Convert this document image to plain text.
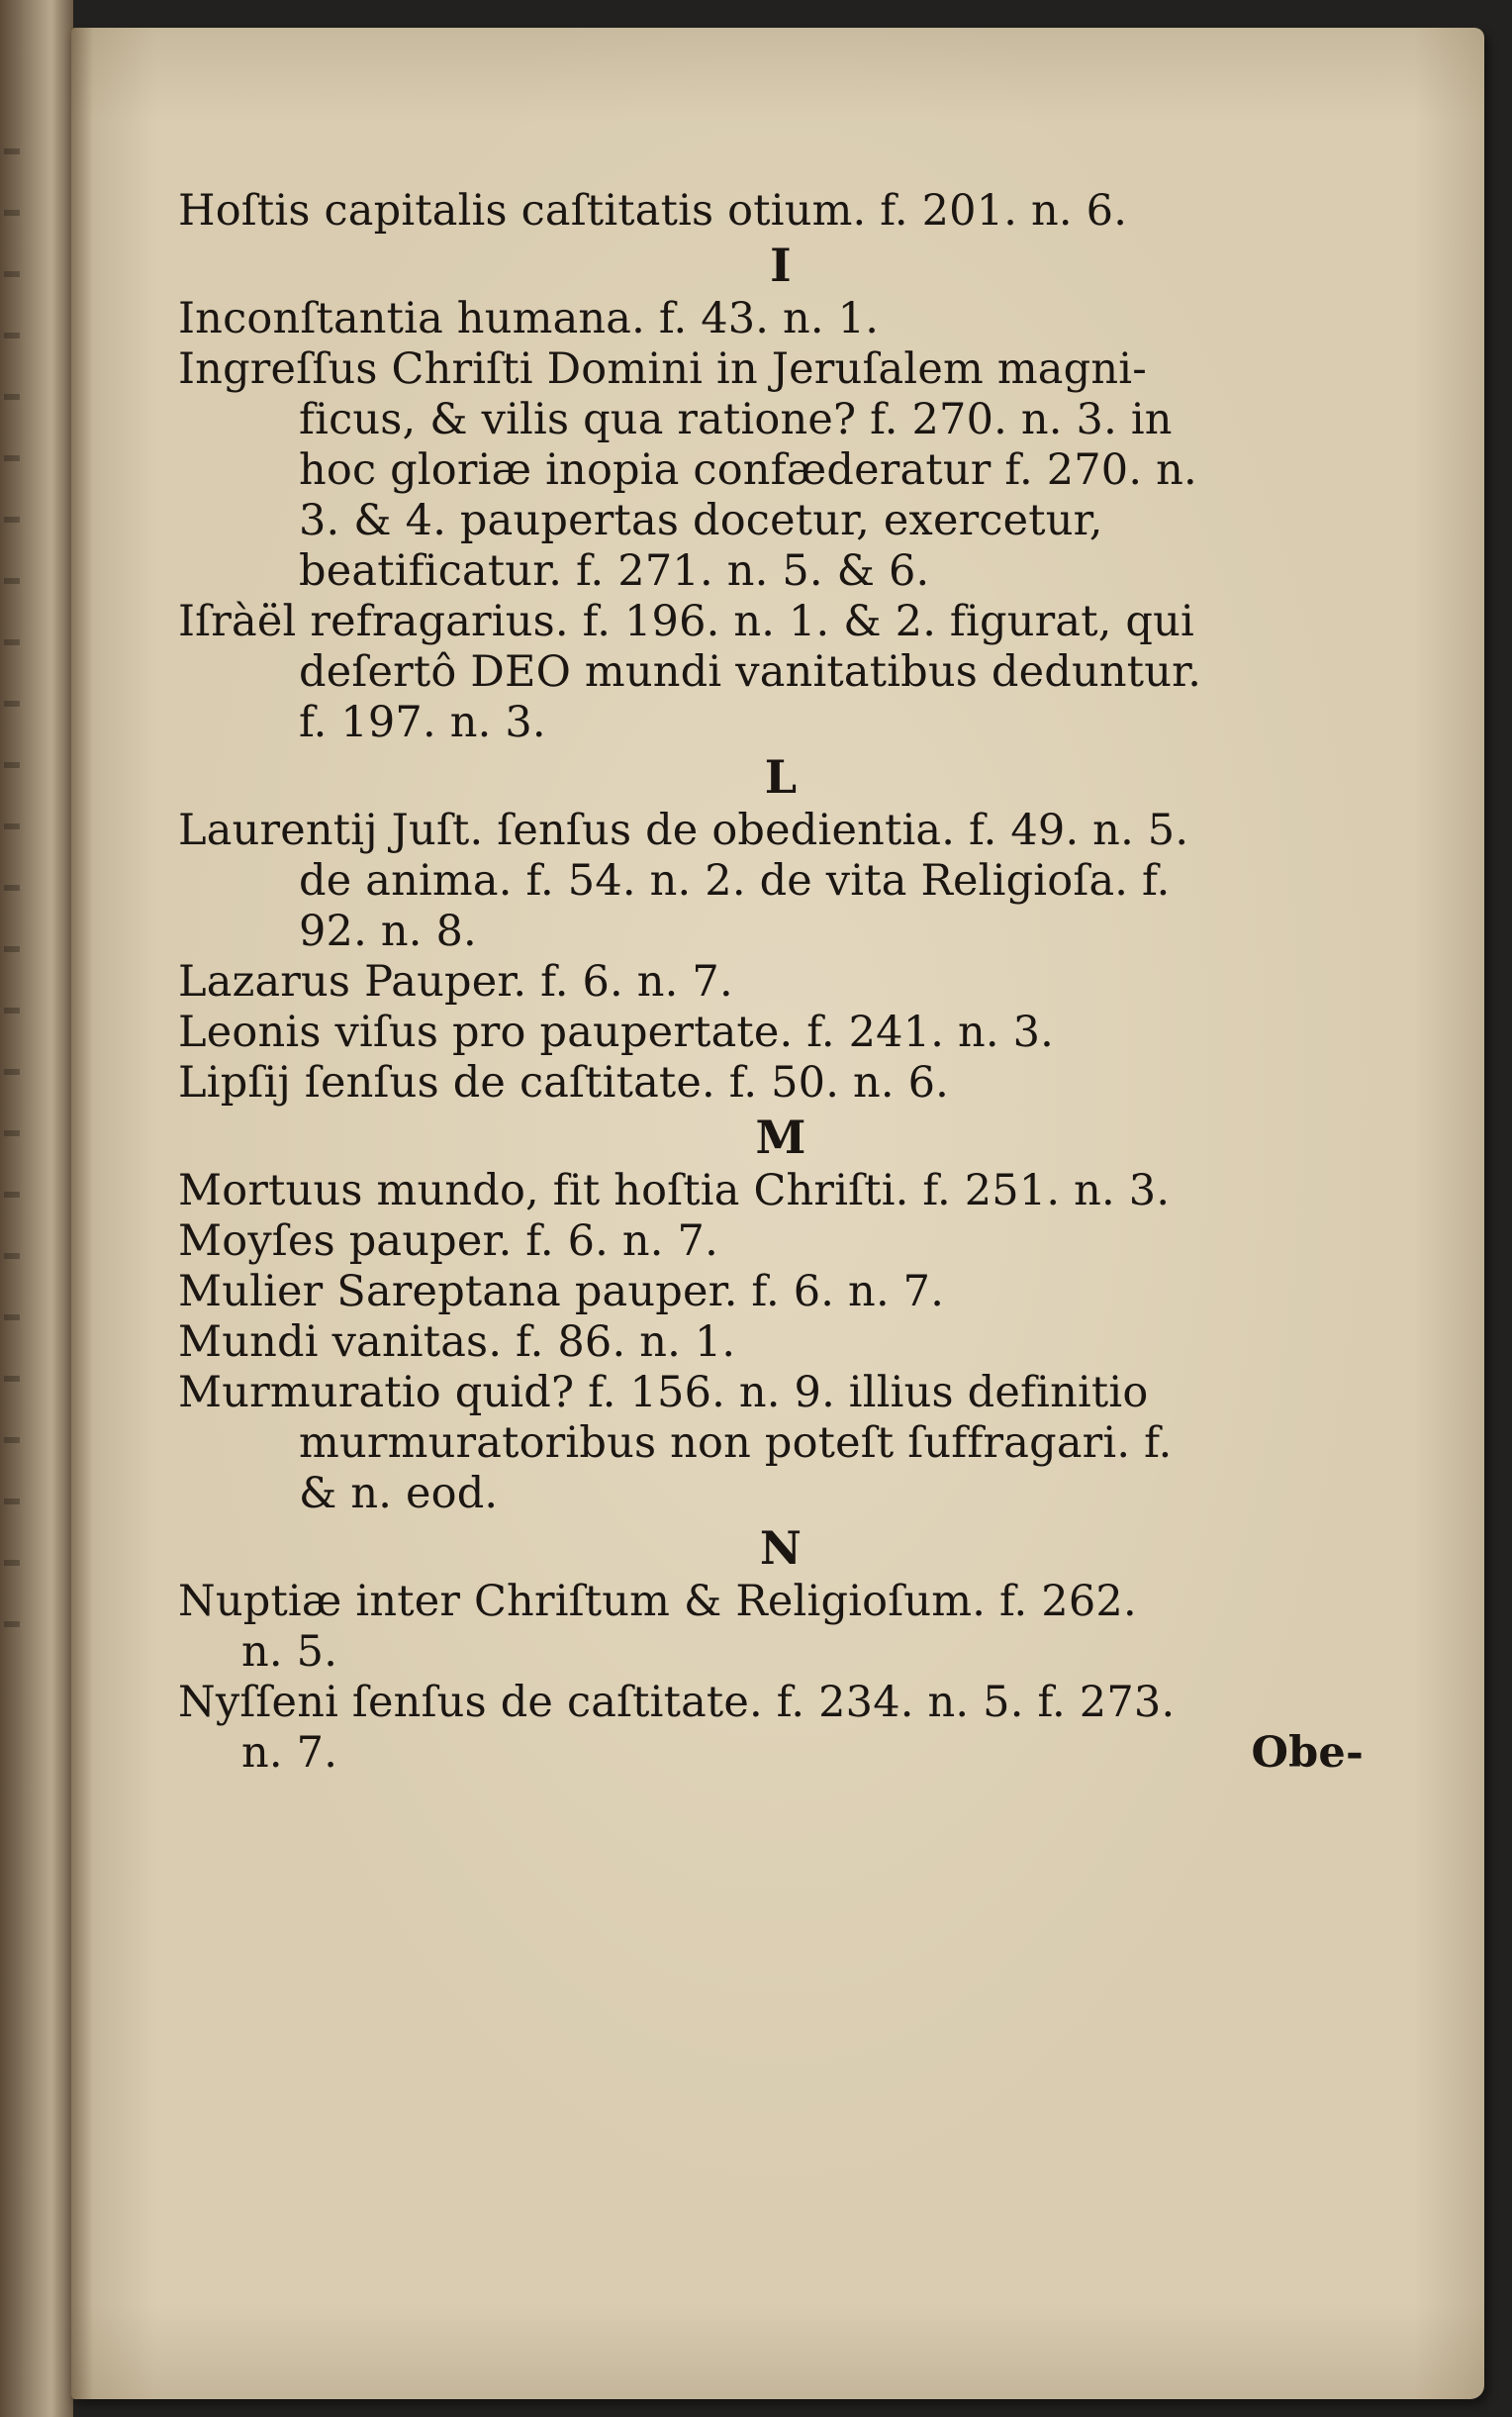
Hoſtis capitalis caſtitatis otium. f. 201. n. 6.
I
Inconſtantia humana. f. 43. n. 1.
Ingreſſus Chriſti Domini in Jeruſalem magni-
ficus, & vilis qua ratione? f. 270. n. 3. in
hoc gloriæ inopia confæderatur f. 270. n.
3. & 4. paupertas docetur, exercetur,
beatificatur. f. 271. n. 5. & 6.
Iſràël refragarius. f. 196. n. 1. & 2. figurat, qui
deſertô DEO mundi vanitatibus deduntur.
f. 197. n. 3.
L
Laurentij Juſt. ſenſus de obedientia. f. 49. n. 5.
de anima. f. 54. n. 2. de vita Religioſa. f.
92. n. 8.
Lazarus Pauper. f. 6. n. 7.
Leonis viſus pro paupertate. f. 241. n. 3.
Lipſij ſenſus de caſtitate. f. 50. n. 6.
M
Mortuus mundo, fit hoſtia Chriſti. f. 251. n. 3.
Moyſes pauper. f. 6. n. 7.
Mulier Sareptana pauper. f. 6. n. 7.
Mundi vanitas. f. 86. n. 1.
Murmuratio quid? f. 156. n. 9. illius definitio
murmuratoribus non poteſt ſuffragari. f.
& n. eod.
N
Nuptiæ inter Chriſtum & Religioſum. f. 262.
n. 5.
Nyſſeni ſenſus de caſtitate. f. 234. n. 5. f. 273.
n. 7.	Obe-
